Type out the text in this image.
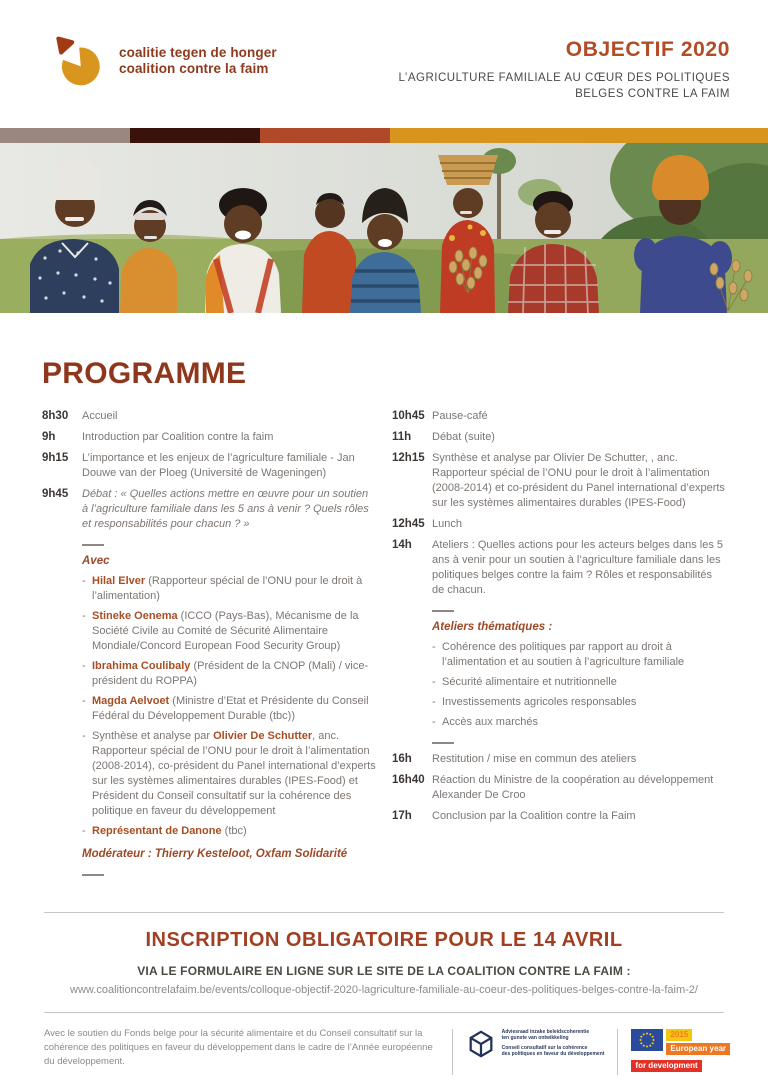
coalitie tegen de honger
coalition contre la faim
OBJECTIF 2020
L’AGRICULTURE FAMILIALE AU CŒUR DES POLITIQUES
BELGES CONTRE LA FAIM
PROGRAMME
8h30	Accueil
9h	Introduction par Coalition contre la faim
9h15	L’importance et les enjeux de l’agriculture familiale - Jan Douwe van der Ploeg (Université de Wageningen)
9h45	Débat : « Quelles actions mettre en œuvre pour un soutien à l’agriculture familiale dans les 5 ans à venir ? Quels rôles et responsabilités pour chacun ? »
Avec
- Hilal Elver (Rapporteur spécial de l’ONU pour le droit à l’alimentation)
- Stineke Oenema (ICCO (Pays-Bas), Mécanisme de la Société Civile au Comité de Sécurité Alimentaire Mondiale/Concord European Food Security Group)
- Ibrahima Coulibaly (Président de la CNOP (Mali) / vice-président du ROPPA)
- Magda Aelvoet (Ministre d’Etat et Présidente du Conseil Fédéral du Développement Durable (tbc))
- Synthèse et analyse par Olivier De Schutter, anc. Rapporteur spécial de l’ONU pour le droit à l’alimentation (2008-2014), co-président du Panel international d’experts sur les systèmes alimentaires durables (IPES-Food) et Président du Conseil consultatif sur la cohérence des politique en faveur du développement
- Représentant de Danone (tbc)
Modérateur : Thierry Kesteloot, Oxfam Solidarité
10h45 Pause-café
11h	Débat (suite)
12h15 Synthèse et analyse par Olivier De Schutter, , anc. Rapporteur spécial de l’ONU pour le droit à l’alimentation (2008-2014) et co-président du Panel international d’experts sur les systèmes alimentaires durables (IPES-Food)
12h45 Lunch
14h	Ateliers : Quelles actions pour les acteurs belges dans les 5 ans à venir pour un soutien à l’agriculture familiale dans les politiques belges contre la faim ? Rôles et responsabilités de chacun.
Ateliers thématiques :
- Cohérence des politiques par rapport au droit à l’alimentation et au soutien à l’agriculture familiale
- Sécurité alimentaire et nutritionnelle
- Investissements agricoles responsables
- Accès aux marchés
16h	Restitution / mise en commun des ateliers
16h40 Réaction du Ministre de la coopération au développement Alexander De Croo
17h	Conclusion par la Coalition contre la Faim
INSCRIPTION OBLIGATOIRE POUR LE 14 AVRIL
VIA LE FORMULAIRE EN LIGNE SUR LE SITE DE LA COALITION CONTRE LA FAIM :
www.coalitioncontrelafaim.be/events/colloque-objectif-2020-lagriculture-familiale-au-coeur-des-politiques-belges-contre-la-faim-2/
Avec le soutien du Fonds belge pour la sécurité alimentaire et du Conseil consultatif sur la cohérence des politiques en faveur du développement dans le cadre de l’Année européenne du développement.
Adviesraad inzake beleidscoherentie
ten gunste van ontwikkeling
Conseil consultatif sur la cohérence
des politiques en faveur du développement
2015
European year
for development
